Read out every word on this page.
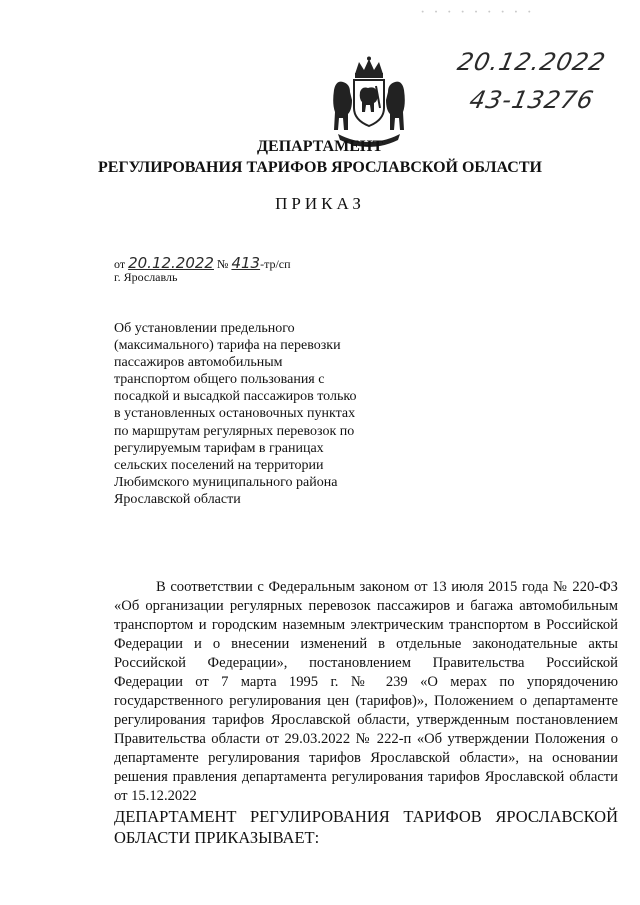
· · · · · · · · ·
20.12.2022
43-13276
ДЕПАРТАМЕНТ
РЕГУЛИРОВАНИЯ ТАРИФОВ ЯРОСЛАВСКОЙ ОБЛАСТИ
ПРИКАЗ
от 20.12.2022 № 413-тр/сп
г. Ярославль
Об установлении предельного (максимального) тарифа на перевозки пассажиров автомобильным транспортом общего пользования с посадкой и высадкой пассажиров только в установленных остановочных пунктах по маршрутам регулярных перевозок по регулируемым тарифам в границах сельских поселений на территории Любимского муниципального района Ярославской области

В соответствии с Федеральным законом от 13 июля 2015 года № 220-ФЗ «Об организации регулярных перевозок пассажиров и багажа автомобильным транспортом и городским наземным электрическим транспортом в Российской Федерации и о внесении изменений в отдельные законодательные акты Российской Федерации», постановлением Правительства Российской Федерации от 7 марта 1995 г. № 239 «О мерах по упорядочению государственного регулирования цен (тарифов)», Положением о департаменте регулирования тарифов Ярославской области, утвержденным постановлением Правительства области от 29.03.2022 № 222-п «Об утверждении Положения о департаменте регулирования тарифов Ярославской области», на основании решения правления департамента регулирования тарифов Ярославской области от 15.12.2022

ДЕПАРТАМЕНТ РЕГУЛИРОВАНИЯ ТАРИФОВ ЯРОСЛАВСКОЙ
ОБЛАСТИ ПРИКАЗЫВАЕТ:
